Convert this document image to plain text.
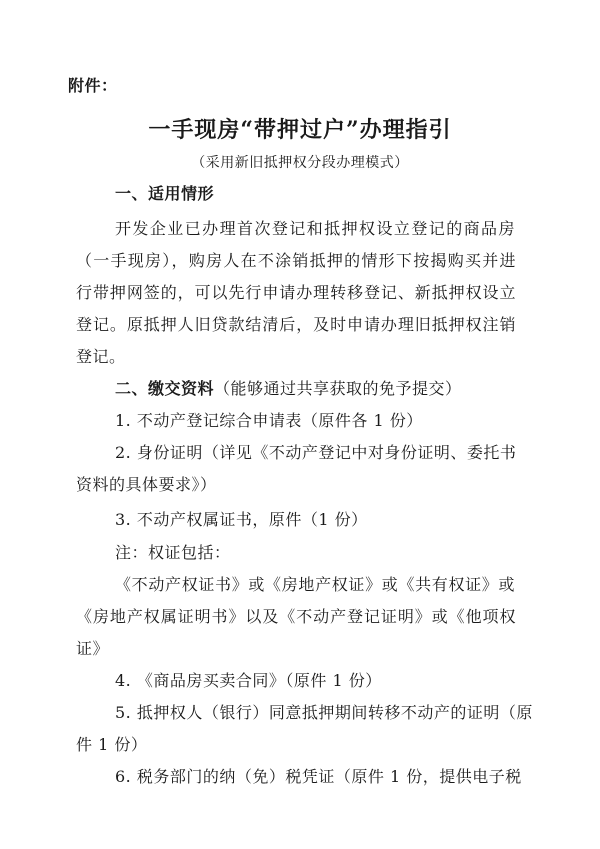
附件：
一手现房“带押过户”办理指引
（采用新旧抵押权分段办理模式）
一、适用情形
开发企业已办理首次登记和抵押权设立登记的商品房
（一手现房），购房人在不涂销抵押的情形下按揭购买并进
行带押网签的，可以先行申请办理转移登记、新抵押权设立
登记。原抵押人旧贷款结清后，及时申请办理旧抵押权注销
登记。
二、缴交资料（能够通过共享获取的免予提交）
1. 不动产登记综合申请表（原件各 1 份）
2. 身份证明（详见《不动产登记中对身份证明、委托书
资料的具体要求》）
3. 不动产权属证书，原件（1 份）
注：权证包括：
《不动产权证书》或《房地产权证》或《共有权证》或
《房地产权属证明书》以及《不动产登记证明》或《他项权
证》
4. 《商品房买卖合同》（原件 1 份）
5. 抵押权人（银行）同意抵押期间转移不动产的证明（原
件 1 份）
6. 税务部门的纳（免）税凭证（原件 1 份，提供电子税
